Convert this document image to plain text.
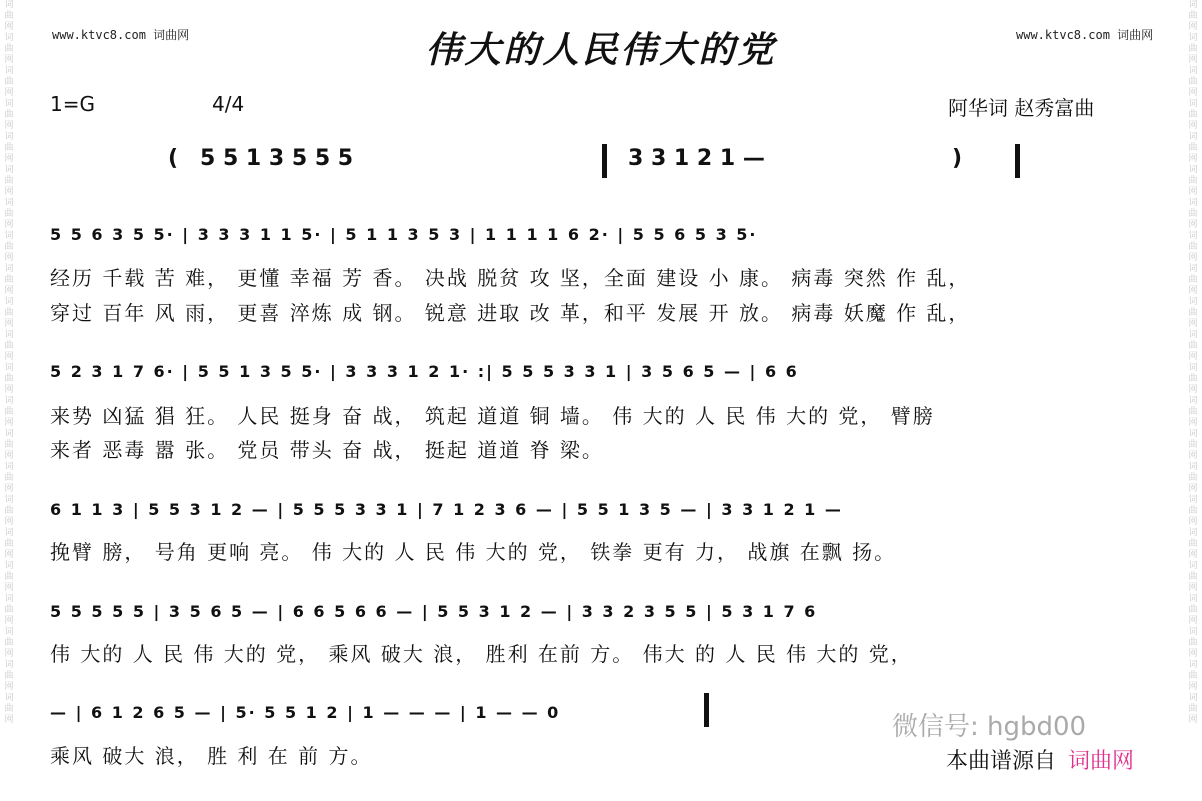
词曲网词曲网词曲网词曲网词曲网词曲网词曲网词曲网词曲网词曲网词曲网词曲网词曲网词曲网词曲网词曲网词曲网词曲网词曲网词曲网词曲网词曲网
词曲网词曲网词曲网词曲网词曲网词曲网词曲网词曲网词曲网词曲网词曲网词曲网词曲网词曲网词曲网词曲网词曲网词曲网词曲网词曲网词曲网词曲网
www.ktvc8.com 词曲网	www.ktvc8.com 词曲网
伟大的人民伟大的党
1=G	4/4	阿华词 赵秀富曲
( 5 5 1 3 5 5 5	3 3 1 2 1 —	)
5 5 6 3 5 5· | 3 3 3 1 1 5· | 5 1 1 3 5 3 | 1 1 1 1 6 2· | 5 5 6 5 3 5·
经历 千载 苦 难， 更懂 幸福 芳 香。 决战 脱贫 攻 坚，全面 建设 小 康。 病毒 突然 作 乱，
穿过 百年 风 雨， 更喜 淬炼 成 钢。 锐意 进取 改 革，和平 发展 开 放。 病毒 妖魔 作 乱，
5 2 3 1 7 6· | 5 5 1 3 5 5· | 3 3 3 1 2 1· :| 5 5 5 3 3 1 | 3 5 6 5 — | 6 6
来势 凶猛 猖 狂。 人民 挺身 奋 战， 筑起 道道 铜 墙。 伟 大的 人 民 伟 大的 党， 臂膀
来者 恶毒 嚣 张。 党员 带头 奋 战， 挺起 道道 脊 梁。
6 1 1 3 | 5 5 3 1 2 — | 5 5 5 3 3 1 | 7 1 2 3 6 — | 5 5 1 3 5 — | 3 3 1 2 1 —
挽臂 膀， 号角 更响 亮。 伟 大的 人 民 伟 大的 党， 铁拳 更有 力， 战旗 在飘 扬。
5 5 5 5 5 | 3 5 6 5 — | 6 6 5 6 6 — | 5 5 3 1 2 — | 3 3 2 3 5 5 | 5 3 1 7 6
伟 大的 人 民 伟 大的 党， 乘风 破大 浪， 胜利 在前 方。 伟大 的 人 民 伟 大的 党，
— | 6 1 2 6 5 — | 5· 5 5 1 2 | 1 — — — | 1 — — 0
乘风 破大 浪， 胜 利 在 前 方。
微信号: hgbd00
本曲谱源自 词曲网
